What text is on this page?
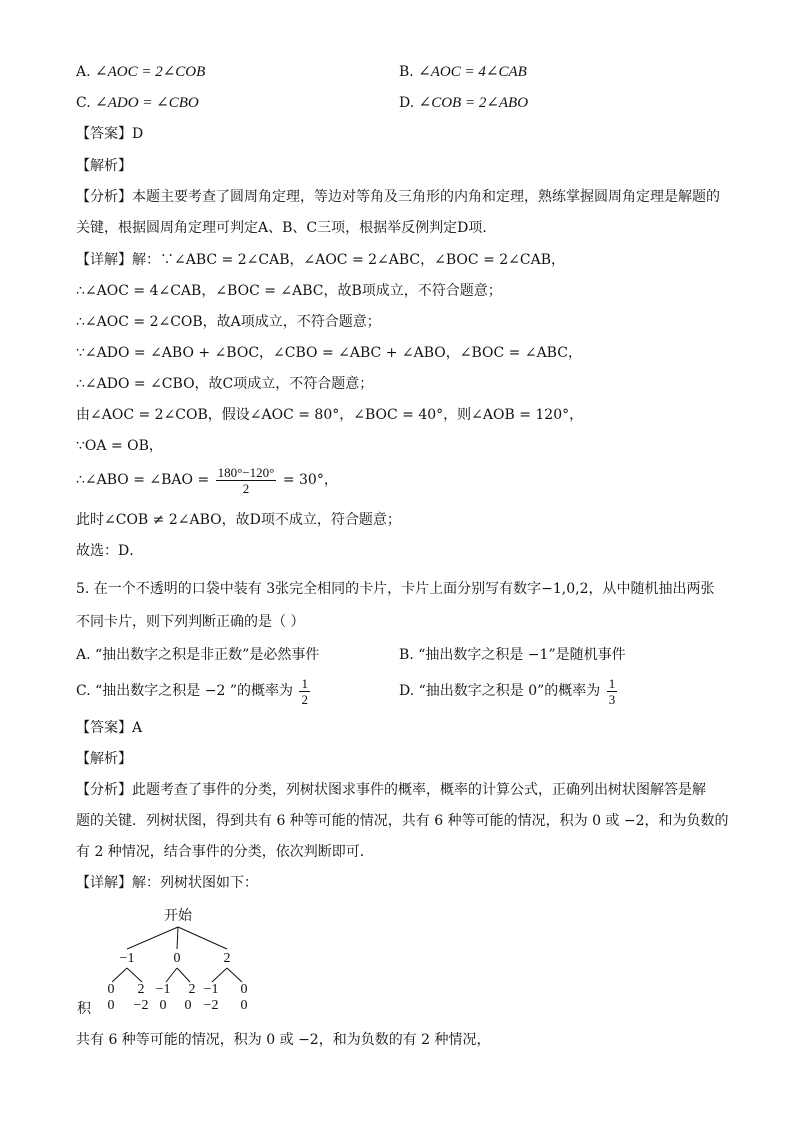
A. ∠AOC = 2∠COB	B. ∠AOC = 4∠CAB
C. ∠ADO = ∠CBO	D. ∠COB = 2∠ABO
【答案】D
【解析】
【分析】本题主要考查了圆周角定理，等边对等角及三角形的内角和定理，熟练掌握圆周角定理是解题的
关键，根据圆周角定理可判定A、B、C三项，根据举反例判定D项．
【详解】解：∵∠ABC = 2∠CAB，∠AOC = 2∠ABC，∠BOC = 2∠CAB，
∴∠AOC = 4∠CAB，∠BOC = ∠ABC，故B项成立，不符合题意；
∴∠AOC = 2∠COB，故A项成立，不符合题意；
∵∠ADO = ∠ABO + ∠BOC，∠CBO = ∠ABC + ∠ABO，∠BOC = ∠ABC，
∴∠ADO = ∠CBO，故C项成立，不符合题意；
由∠AOC = 2∠COB，假设∠AOC = 80°，∠BOC = 40°，则∠AOB = 120°，
∵OA = OB，
∴∠ABO = ∠BAO = $\frac{180^\circ-120^\circ}{2} = 30^\circ$，
此时∠COB ≠ 2∠ABO，故D项不成立，符合题意；
故选：D．
5. 在一个不透明的口袋中装有 3张完全相同的卡片，卡片上面分别写有数字−1,0,2，从中随机抽出两张
不同卡片，则下列判断正确的是（ ）
A. “抽出数字之积是非正数”是必然事件	B. “抽出数字之积是 −1”是随机事件
C. “抽出数字之积是 −2 ”的概率为 $\frac{1}{2}$	D. “抽出数字之积是 0”的概率为 $\frac{1}{3}$
【答案】A
【解析】
【分析】此题考查了事件的分类，列树状图求事件的概率，概率的计算公式，正确列出树状图解答是解
题的关键．列树状图，得到共有 6 种等可能的情况，共有 6 种等可能的情况，积为 0 或 −2，和为负数的
有 2 种情况，结合事件的分类，依次判断即可．
【详解】解：列树状图如下：
开始
−1	0	2
0	2 −1	2 −1	0
积	0	−2 0	0 −2	0
共有 6 种等可能的情况，积为 0 或 −2，和为负数的有 2 种情况，
